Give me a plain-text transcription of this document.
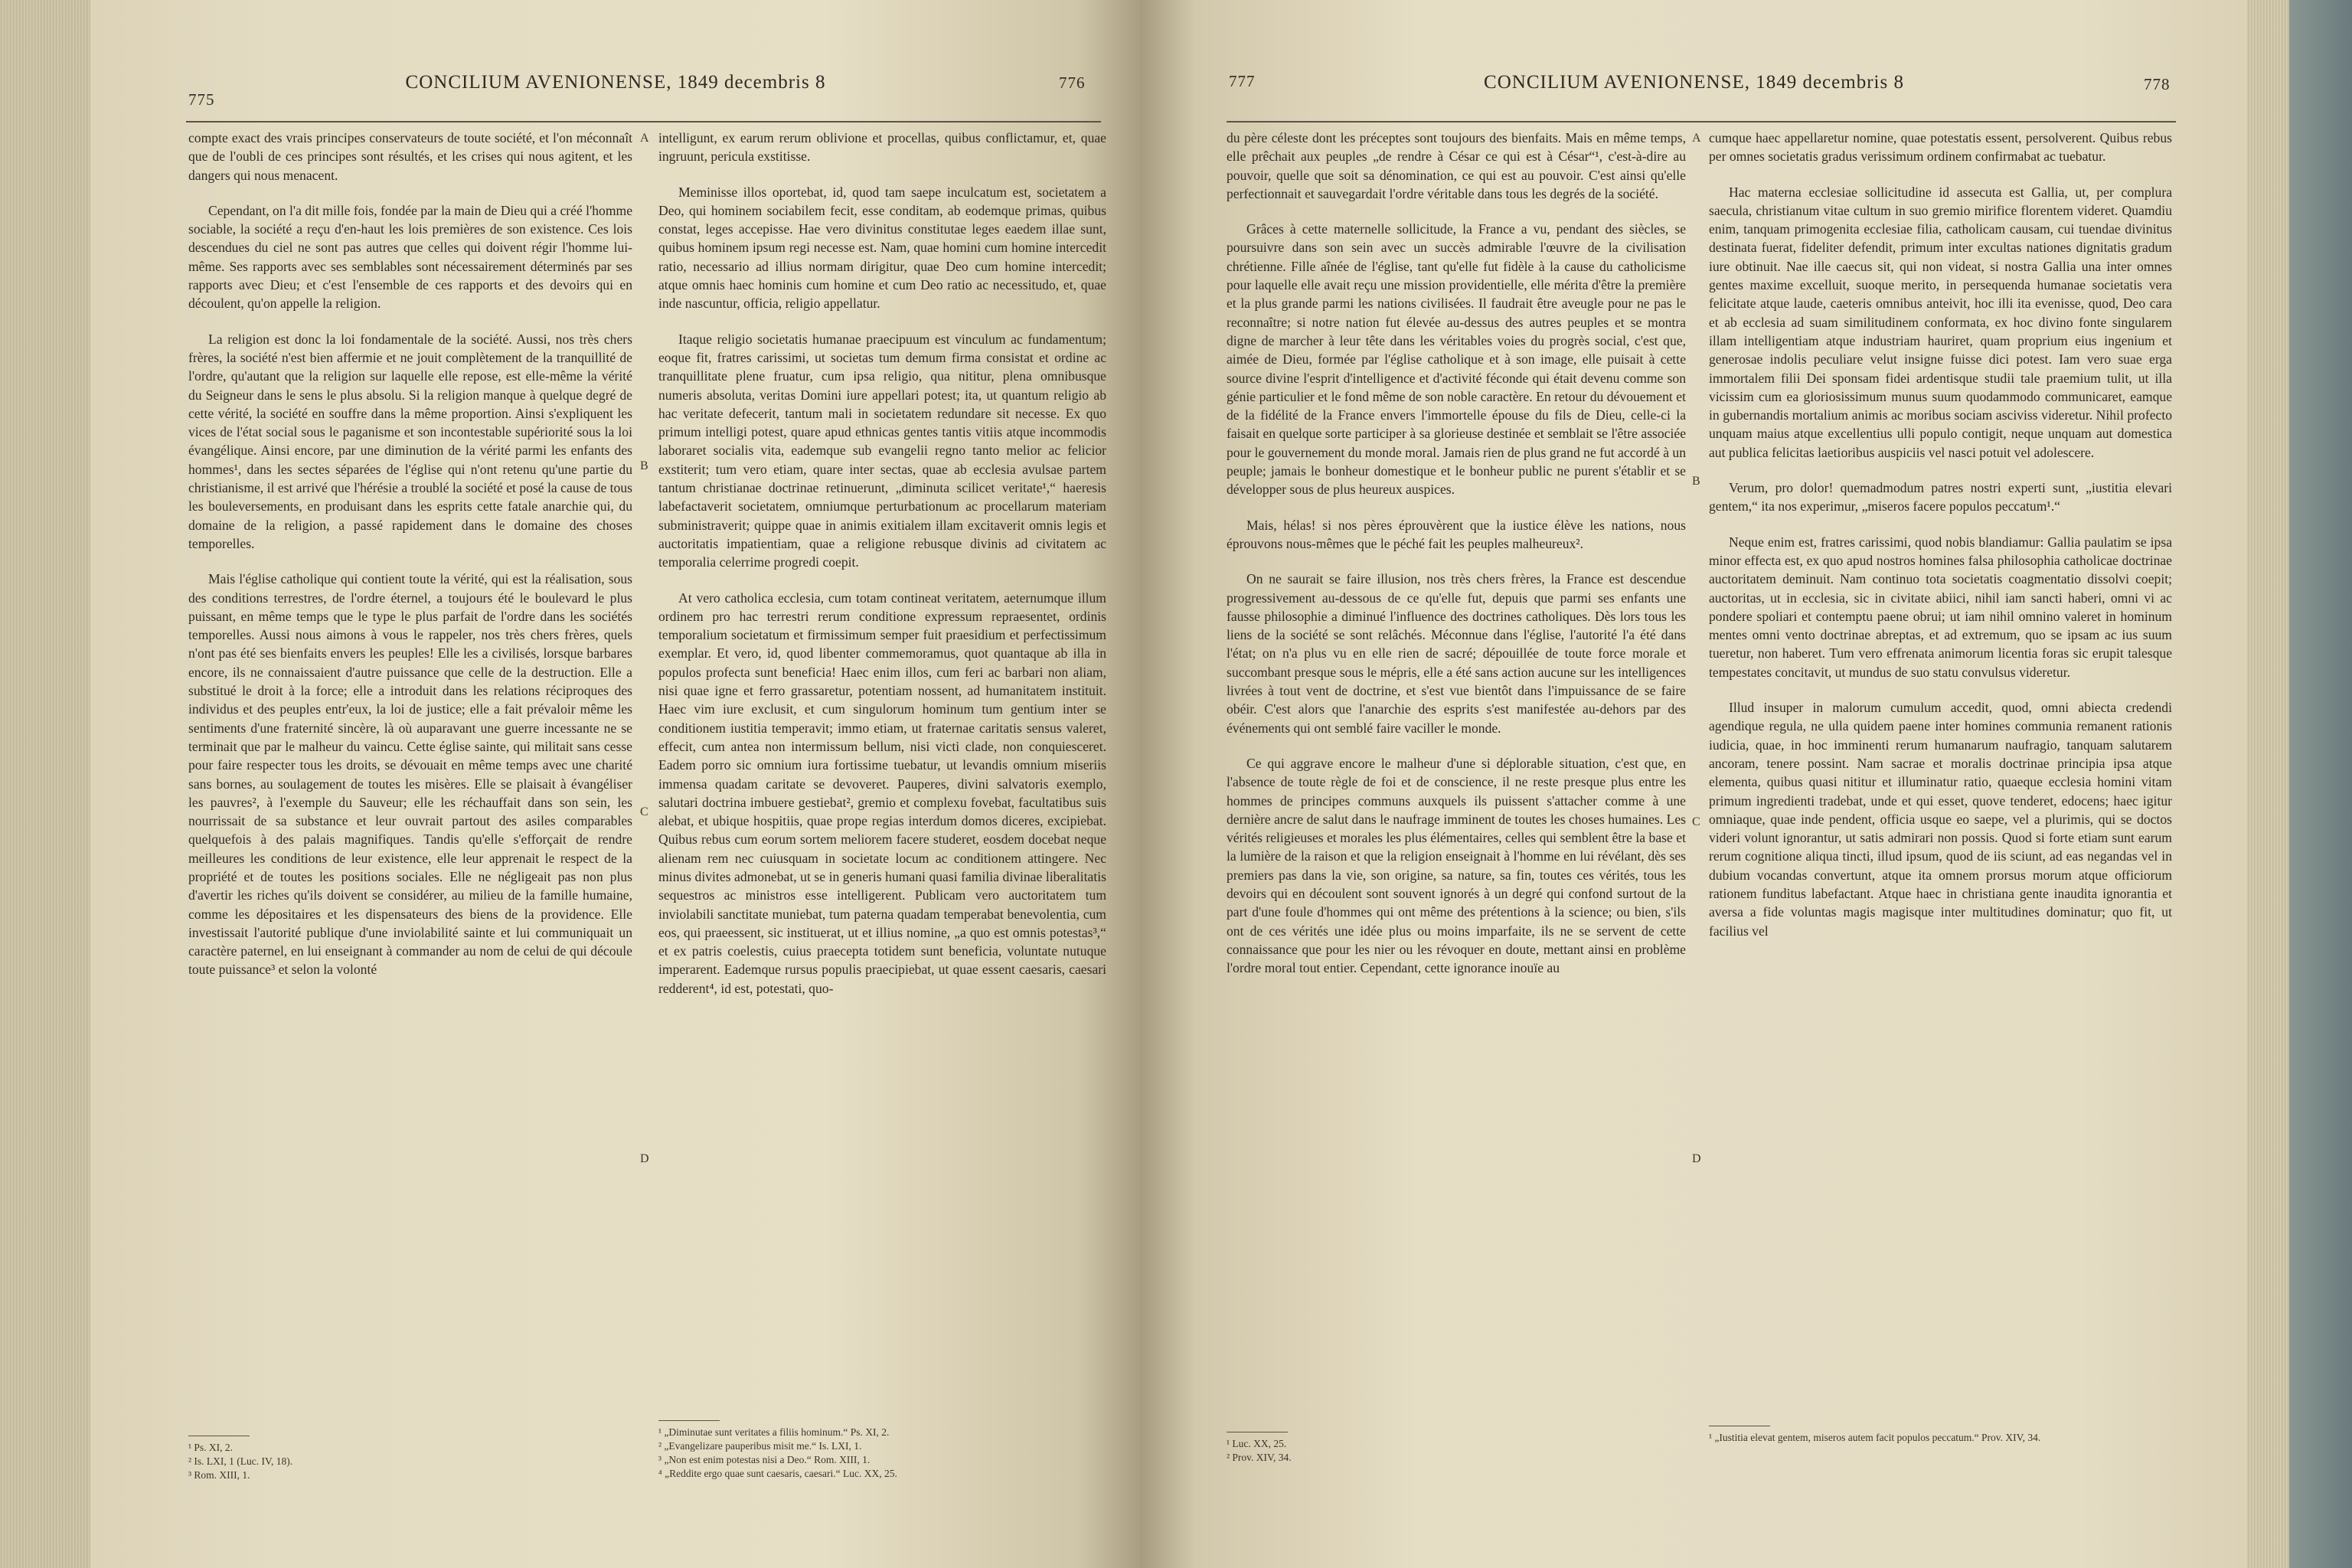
775
CONCILIUM AVENIONENSE, 1849 decembris 8	776

compte exact des vrais principes conservateurs de toute société, et l'on méconnaît que de l'oubli de ces principes sont résultés, et les crises qui nous agitent, et les dangers qui nous menacent.

Cependant, on l'a dit mille fois, fondée par la main de Dieu qui a créé l'homme sociable, la société a reçu d'en-haut les lois premières de son existence. Ces lois descendues du ciel ne sont pas autres que celles qui doivent régir l'homme lui-même. Ses rapports avec ses semblables sont nécessairement déterminés par ses rapports avec Dieu; et c'est l'ensemble de ces rapports et des devoirs qui en découlent, qu'on appelle la religion.

La religion est donc la loi fondamentale de la société. Aussi, nos très chers frères, la société n'est bien affermie et ne jouit complètement de la tranquillité de l'ordre, qu'autant que la religion sur laquelle elle repose, est elle-même la vérité du Seigneur dans le sens le plus absolu. Si la religion manque à quelque degré de cette vérité, la société en souffre dans la même proportion. Ainsi s'expliquent les vices de l'état social sous le paganisme et son incontestable supériorité sous la loi évangélique. Ainsi encore, par une diminution de la vérité parmi les enfants des hommes¹, dans les sectes séparées de l'église qui n'ont retenu qu'une partie du christianisme, il est arrivé que l'hérésie a troublé la société et posé la cause de tous les bouleversements, en produisant dans les esprits cette fatale anarchie qui, du domaine de la religion, a passé rapidement dans le domaine des choses temporelles.

Mais l'église catholique qui contient toute la vérité, qui est la réalisation, sous des conditions terrestres, de l'ordre éternel, a toujours été le boulevard le plus puissant, en même temps que le type le plus parfait de l'ordre dans les sociétés temporelles. Aussi nous aimons à vous le rappeler, nos très chers frères, quels n'ont pas été ses bienfaits envers les peuples! Elle les a civilisés, lorsque barbares encore, ils ne connaissaient d'autre puissance que celle de la destruction. Elle a substitué le droit à la force; elle a introduit dans les relations réciproques des individus et des peuples entr'eux, la loi de justice; elle a fait prévaloir même les sentiments d'une fraternité sincère, là où auparavant une guerre incessante ne se terminait que par le malheur du vaincu. Cette église sainte, qui militait sans cesse pour faire respecter tous les droits, se dévouait en même temps avec une charité sans bornes, au soulagement de toutes les misères. Elle se plaisait à évangéliser les pauvres², à l'exemple du Sauveur; elle les réchauffait dans son sein, les nourrissait de sa substance et leur ouvrait partout des asiles comparables quelquefois à des palais magnifiques. Tandis qu'elle s'efforçait de rendre meilleures les conditions de leur existence, elle leur apprenait le respect de la propriété et de toutes les positions sociales. Elle ne négligeait pas non plus d'avertir les riches qu'ils doivent se considérer, au milieu de la famille humaine, comme les dépositaires et les dispensateurs des biens de la providence. Elle investissait l'autorité publique d'une inviolabilité sainte et lui communiquait un caractère paternel, en lui enseignant à commander au nom de celui de qui découle toute puissance³ et selon la volonté

intelligunt, ex earum rerum oblivione et procellas, quibus conflictamur, et, quae ingruunt, pericula exstitisse.

Meminisse illos oportebat, id, quod tam saepe inculcatum est, societatem a Deo, qui hominem sociabilem fecit, esse conditam, ab eodemque primas, quibus constat, leges accepisse. Hae vero divinitus constitutae leges eaedem illae sunt, quibus hominem ipsum regi necesse est. Nam, quae homini cum homine intercedit ratio, necessario ad illius normam dirigitur, quae Deo cum homine intercedit; atque omnis haec hominis cum homine et cum Deo ratio ac necessitudo, et, quae inde nascuntur, officia, religio appellatur.

Itaque religio societatis humanae praecipuum est vinculum ac fundamentum; eoque fit, fratres carissimi, ut societas tum demum firma consistat et ordine ac tranquillitate plene fruatur, cum ipsa religio, qua nititur, plena omnibusque numeris absoluta, veritas Domini iure appellari potest; ita, ut quantum religio ab hac veritate defecerit, tantum mali in societatem redundare sit necesse. Ex quo primum intelligi potest, quare apud ethnicas gentes tantis vitiis atque incommodis laboraret socialis vita, eademque sub evangelii regno tanto melior ac felicior exstiterit; tum vero etiam, quare inter sectas, quae ab ecclesia avulsae partem tantum christianae doctrinae retinuerunt, „diminuta scilicet veritate¹,“ haeresis labefactaverit societatem, omniumque perturbationum ac procellarum materiam subministraverit; quippe quae in animis exitialem illam excitaverit omnis legis et auctoritatis impatientiam, quae a religione rebusque divinis ad civitatem ac temporalia celerrime progredi coepit.

At vero catholica ecclesia, cum totam contineat veritatem, aeternumque illum ordinem pro hac terrestri rerum conditione expressum repraesentet, ordinis temporalium societatum et firmissimum semper fuit praesidium et perfectissimum exemplar. Et vero, id, quod libenter commemoramus, quot quantaque ab illa in populos profecta sunt beneficia! Haec enim illos, cum feri ac barbari non aliam, nisi quae igne et ferro grassaretur, potentiam nossent, ad humanitatem instituit. Haec vim iure exclusit, et cum singulorum hominum tum gentium inter se conditionem iustitia temperavit; immo etiam, ut fraternae caritatis sensus valeret, effecit, cum antea non intermissum bellum, nisi victi clade, non conquiesceret. Eadem porro sic omnium iura fortissime tuebatur, ut levandis omnium miseriis immensa quadam caritate se devoveret. Pauperes, divini salvatoris exemplo, salutari doctrina imbuere gestiebat², gremio et complexu fovebat, facultatibus suis alebat, et ubique hospitiis, quae prope regias interdum domos diceres, excipiebat. Quibus rebus cum eorum sortem meliorem facere studeret, eosdem docebat neque alienam rem nec cuiusquam in societate locum ac conditionem attingere. Nec minus divites admonebat, ut se in generis humani quasi familia divinae liberalitatis sequestros ac ministros esse intelligerent. Publicam vero auctoritatem tum inviolabili sanctitate muniebat, tum paterna quadam temperabat benevolentia, cum eos, qui praeessent, sic instituerat, ut et illius nomine, „a quo est omnis potestas³,“ et ex patris coelestis, cuius praecepta totidem sunt beneficia, voluntate nutuque imperarent. Eademque rursus populis praecipiebat, ut quae essent caesaris, caesari redderent⁴, id est, potestati, quo-

A
B
C
D
¹ Ps. XI, 2.
² Is. LXI, 1 (Luc. IV, 18).
³ Rom. XIII, 1.
¹ „Diminutae sunt veritates a filiis hominum.“ Ps. XI, 2.
² „Evangelizare pauperibus misit me.“ Is. LXI, 1.
³ „Non est enim potestas nisi a Deo.“ Rom. XIII, 1.
⁴ „Reddite ergo quae sunt caesaris, caesari.“ Luc. XX, 25.
777	CONCILIUM AVENIONENSE, 1849 decembris 8	778

du père céleste dont les préceptes sont toujours des bienfaits. Mais en même temps, elle prêchait aux peuples „de rendre à César ce qui est à César“¹, c'est-à-dire au pouvoir, quelle que soit sa dénomination, ce qui est au pouvoir. C'est ainsi qu'elle perfectionnait et sauvegardait l'ordre véritable dans tous les degrés de la société.

Grâces à cette maternelle sollicitude, la France a vu, pendant des siècles, se poursuivre dans son sein avec un succès admirable l'œuvre de la civilisation chrétienne. Fille aînée de l'église, tant qu'elle fut fidèle à la cause du catholicisme pour laquelle elle avait reçu une mission providentielle, elle mérita d'être la première et la plus grande parmi les nations civilisées. Il faudrait être aveugle pour ne pas le reconnaître; si notre nation fut élevée au-dessus des autres peuples et se montra digne de marcher à leur tête dans les véritables voies du progrès social, c'est que, aimée de Dieu, formée par l'église catholique et à son image, elle puisait à cette source divine l'esprit d'intelligence et d'activité féconde qui était devenu comme son génie particulier et le fond même de son noble caractère. En retour du dévouement et de la fidélité de la France envers l'immortelle épouse du fils de Dieu, celle-ci la faisait en quelque sorte participer à sa glorieuse destinée et semblait se l'être associée pour le gouvernement du monde moral. Jamais rien de plus grand ne fut accordé à un peuple; jamais le bonheur domestique et le bonheur public ne purent s'établir et se développer sous de plus heureux auspices.

Mais, hélas! si nos pères éprouvèrent que la iustice élève les nations, nous éprouvons nous-mêmes que le péché fait les peuples malheureux².

On ne saurait se faire illusion, nos très chers frères, la France est descendue progressivement au-dessous de ce qu'elle fut, depuis que parmi ses enfants une fausse philosophie a diminué l'influence des doctrines catholiques. Dès lors tous les liens de la société se sont relâchés. Méconnue dans l'église, l'autorité l'a été dans l'état; on n'a plus vu en elle rien de sacré; dépouillée de toute force morale et succombant presque sous le mépris, elle a été sans action aucune sur les intelligences livrées à tout vent de doctrine, et s'est vue bientôt dans l'impuissance de se faire obéir. C'est alors que l'anarchie des esprits s'est manifestée au-dehors par des événements qui ont semblé faire vaciller le monde.

Ce qui aggrave encore le malheur d'une si déplorable situation, c'est que, en l'absence de toute règle de foi et de conscience, il ne reste presque plus entre les hommes de principes communs auxquels ils puissent s'attacher comme à une dernière ancre de salut dans le naufrage imminent de toutes les choses humaines. Les vérités religieuses et morales les plus élémentaires, celles qui semblent être la base et la lumière de la raison et que la religion enseignait à l'homme en lui révélant, dès ses premiers pas dans la vie, son origine, sa nature, sa fin, toutes ces vérités, tous les devoirs qui en découlent sont souvent ignorés à un degré qui confond surtout de la part d'une foule d'hommes qui ont même des prétentions à la science; ou bien, s'ils ont de ces vérités une idée plus ou moins imparfaite, ils ne se servent de cette connaissance que pour les nier ou les révoquer en doute, mettant ainsi en problème l'ordre moral tout entier. Cependant, cette ignorance inouïe au

cumque haec appellaretur nomine, quae potestatis essent, persolverent. Quibus rebus per omnes societatis gradus verissimum ordinem confirmabat ac tuebatur.

Hac materna ecclesiae sollicitudine id assecuta est Gallia, ut, per complura saecula, christianum vitae cultum in suo gremio mirifice florentem videret. Quamdiu enim, tanquam primogenita ecclesiae filia, catholicam causam, cui tuendae divinitus destinata fuerat, fideliter defendit, primum inter excultas nationes dignitatis gradum iure obtinuit. Nae ille caecus sit, qui non videat, si nostra Gallia una inter omnes gentes maxime excelluit, suoque merito, in persequenda humanae societatis vera felicitate atque laude, caeteris omnibus anteivit, hoc illi ita evenisse, quod, Deo cara et ab ecclesia ad suam similitudinem conformata, ex hoc divino fonte singularem illam intelligentiam atque industriam hauriret, quam proprium eius ingenium et generosae indolis peculiare velut insigne fuisse dici potest. Iam vero suae erga immortalem filii Dei sponsam fidei ardentisque studii tale praemium tulit, ut illa vicissim cum ea gloriosissimum munus suum quodammodo communicaret, eamque in gubernandis mortalium animis ac moribus sociam asciviss videretur. Nihil profecto unquam maius atque excellentius ulli populo contigit, neque unquam aut domestica aut publica felicitas laetioribus auspiciis vel nasci potuit vel adolescere.

Verum, pro dolor! quemadmodum patres nostri experti sunt, „iustitia elevari gentem,“ ita nos experimur, „miseros facere populos peccatum¹.“

Neque enim est, fratres carissimi, quod nobis blandiamur: Gallia paulatim se ipsa minor effecta est, ex quo apud nostros homines falsa philosophia catholicae doctrinae auctoritatem deminuit. Nam continuo tota societatis coagmentatio dissolvi coepit; auctoritas, ut in ecclesia, sic in civitate abiici, nihil iam sancti haberi, omni vi ac pondere spoliari et contemptu paene obrui; ut iam nihil omnino valeret in hominum mentes omni vento doctrinae abreptas, et ad extremum, quo se ipsam ac ius suum tueretur, non haberet. Tum vero effrenata animorum licentia foras sic erupit talesque tempestates concitavit, ut mundus de suo statu convulsus videretur.

Illud insuper in malorum cumulum accedit, quod, omni abiecta credendi agendique regula, ne ulla quidem paene inter homines communia remanent rationis iudicia, quae, in hoc imminenti rerum humanarum naufragio, tanquam salutarem ancoram, tenere possint. Nam sacrae et moralis doctrinae principia ipsa atque elementa, quibus quasi nititur et illuminatur ratio, quaeque ecclesia homini vitam primum ingredienti tradebat, unde et qui esset, quove tenderet, edocens; haec igitur omniaque, quae inde pendent, officia usque eo saepe, vel a plurimis, qui se doctos videri volunt ignorantur, ut satis admirari non possis. Quod si forte etiam sunt earum rerum cognitione aliqua tincti, illud ipsum, quod de iis sciunt, ad eas negandas vel in dubium vocandas convertunt, atque ita omnem prorsus morum atque officiorum rationem funditus labefactant. Atque haec in christiana gente inaudita ignorantia et aversa a fide voluntas magis magisque inter multitudines dominatur; quo fit, ut facilius vel

A
B
C
D
¹ Luc. XX, 25.
² Prov. XIV, 34.
¹ „Iustitia elevat gentem, miseros autem facit populos peccatum.“ Prov. XIV, 34.
